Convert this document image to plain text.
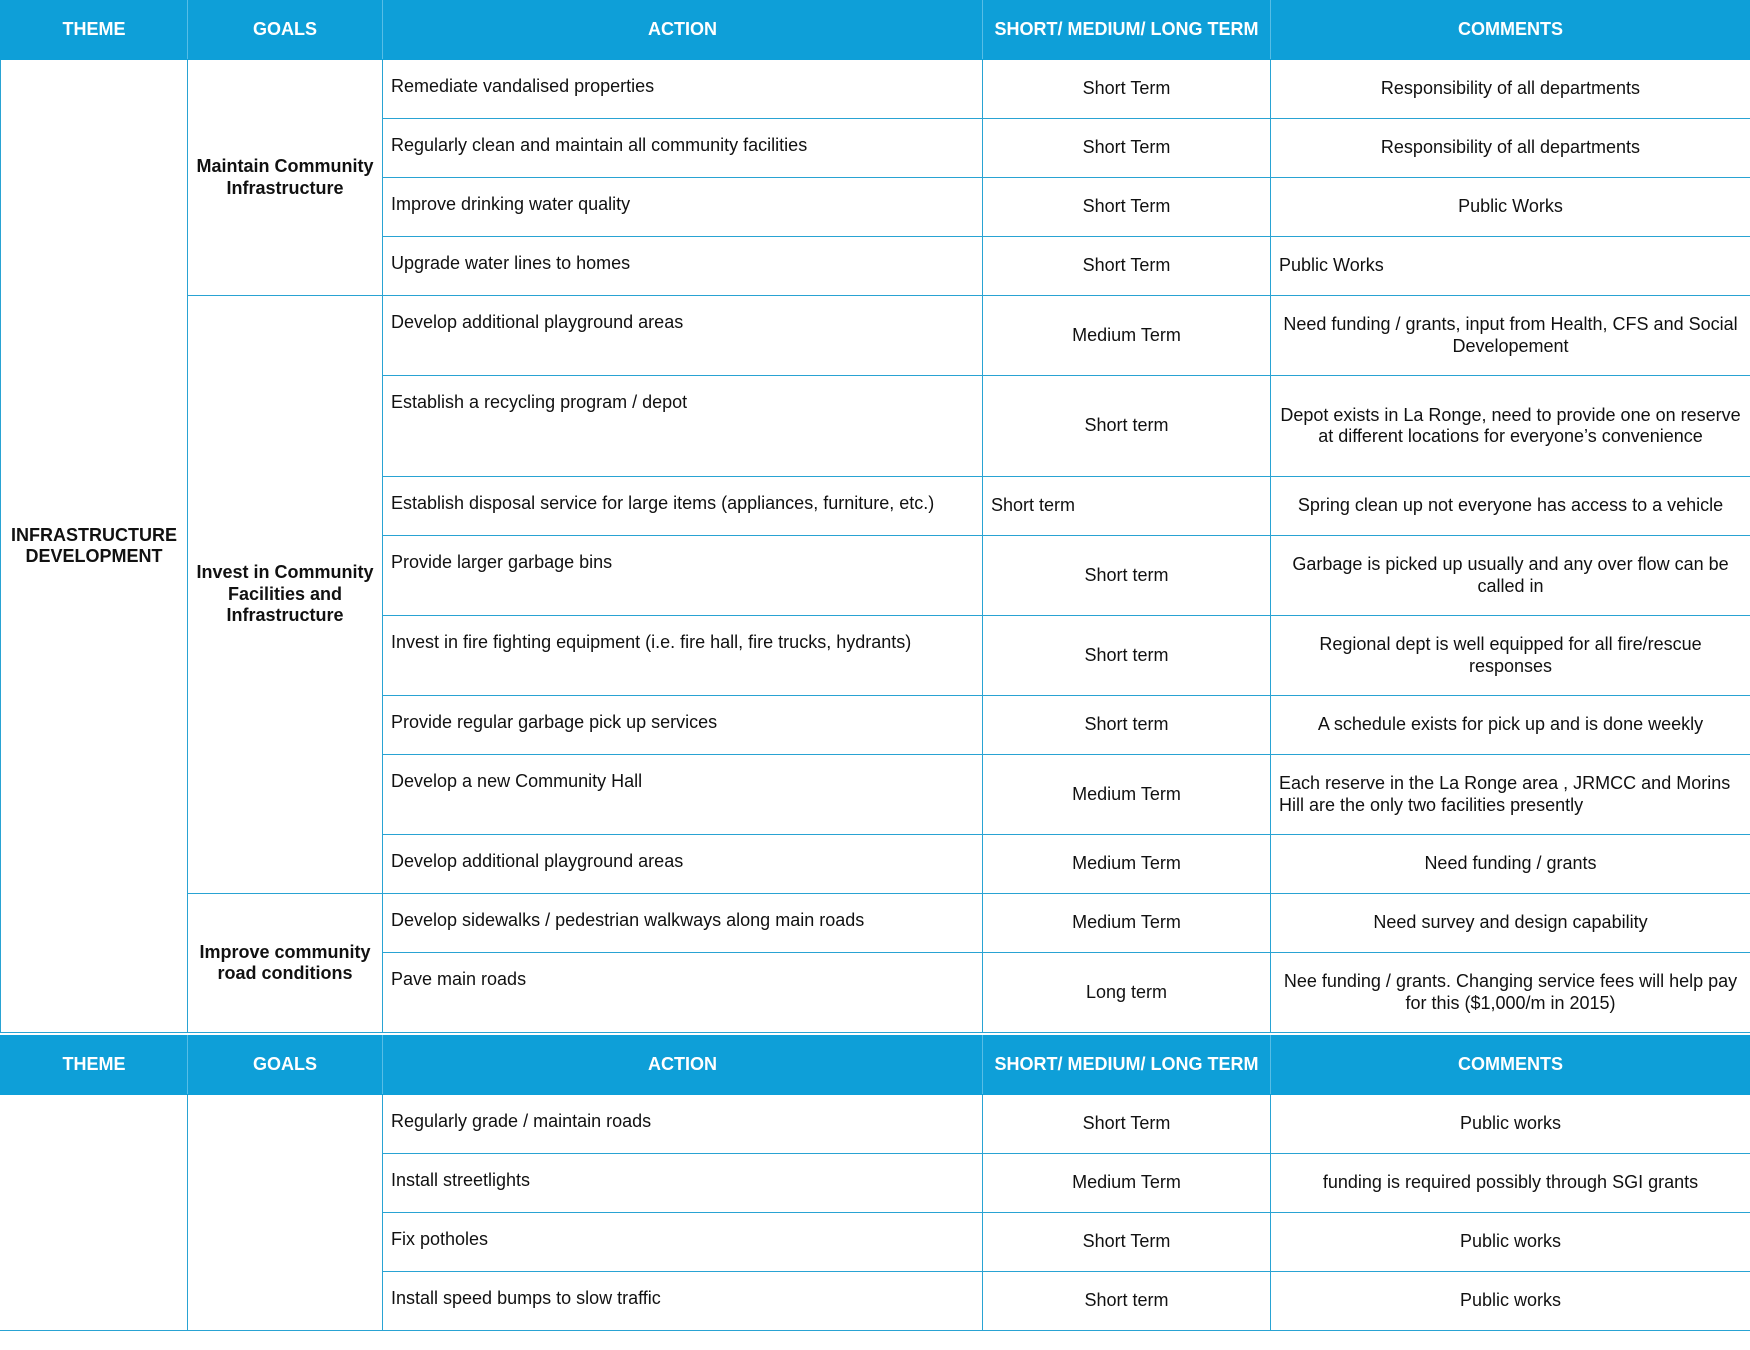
THEME	GOALS	ACTION	SHORT/ MEDIUM/ LONG TERM	COMMENTS
INFRASTRUCTURE DEVELOPMENT	Maintain Community Infrastructure	Remediate vandalised properties	Short Term	Responsibility of all departments
		Regularly clean and maintain all community facilities	Short Term	Responsibility of all departments
		Improve drinking water quality	Short Term	Public Works
		Upgrade water lines to homes	Short Term	Public Works
	Invest in Community Facilities and Infrastructure	Develop additional playground areas	Medium Term	Need funding / grants, input from Health, CFS and Social Developement
		Establish a recycling program / depot	Short term	Depot exists in La Ronge, need to provide one on reserve at different locations for everyone’s convenience
		Establish disposal service for large items (appliances, furniture, etc.)	Short term	Spring clean up not everyone has access to a vehicle
		Provide larger garbage bins	Short term	Garbage is picked up usually and any over flow can be called in
		Invest in fire fighting equipment (i.e. fire hall, fire trucks, hydrants)	Short term	Regional dept is well equipped for all fire/rescue responses
		Provide regular garbage pick up services	Short term	A schedule exists for pick up and is done weekly
		Develop a new Community Hall	Medium Term	Each reserve in the La Ronge area , JRMCC and Morins Hill are the only two facilities presently
		Develop additional playground areas	Medium Term	Need funding / grants
	Improve community road conditions	Develop sidewalks / pedestrian walkways along main roads	Medium Term	Need survey and design capability
		Pave main roads	Long term	Nee funding / grants. Changing service fees will help pay for this ($1,000/m in 2015)
THEME	GOALS	ACTION	SHORT/ MEDIUM/ LONG TERM	COMMENTS
		Regularly grade / maintain roads	Short Term	Public works
		Install streetlights	Medium Term	funding is required possibly through SGI grants
		Fix potholes	Short Term	Public works
		Install speed bumps to slow traffic	Short term	Public works
